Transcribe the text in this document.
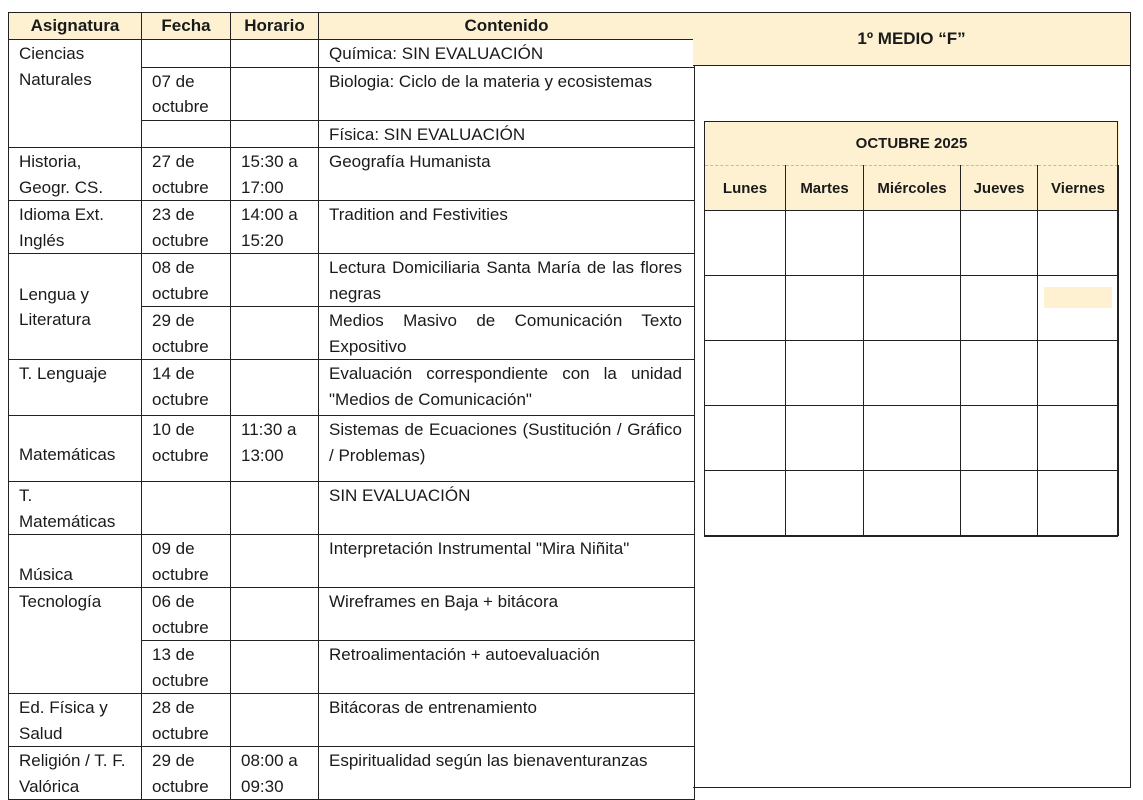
Asignatura	Fecha	Horario	Contenido
Ciencias Naturales			Química: SIN EVALUACIÓN
	07 de octubre		Biologia: Ciclo de la materia y ecosistemas
			Física: SIN EVALUACIÓN
Historia, Geogr. CS.	27 de octubre	15:30 a 17:00	Geografía Humanista
Idioma Ext. Inglés	23 de octubre	14:00 a 15:20	Tradition and Festivities
Lengua y Literatura	08 de octubre		Lectura Domiciliaria Santa María de las flores negras
	29 de octubre		Medios Masivo de Comunicación Texto Expositivo
T. Lenguaje	14 de octubre		Evaluación correspondiente con la unidad "Medios de Comunicación"
Matemáticas	10 de octubre	11:30 a 13:00	Sistemas de Ecuaciones (Sustitución / Gráfico / Problemas)
T. Matemáticas			SIN EVALUACIÓN
Música	09 de octubre		Interpretación Instrumental "Mira Niñita"
Tecnología	06 de octubre		Wireframes en Baja + bitácora
	13 de octubre		Retroalimentación + autoevaluación
Ed. Física y Salud	28 de octubre		Bitácoras de entrenamiento
Religión / T. F. Valórica	29 de octubre	08:00 a 09:30	Espiritualidad según las bienaventuranzas
1º MEDIO “F”
OCTUBRE 2025				
Lunes	Martes	Miércoles	Jueves	Viernes
